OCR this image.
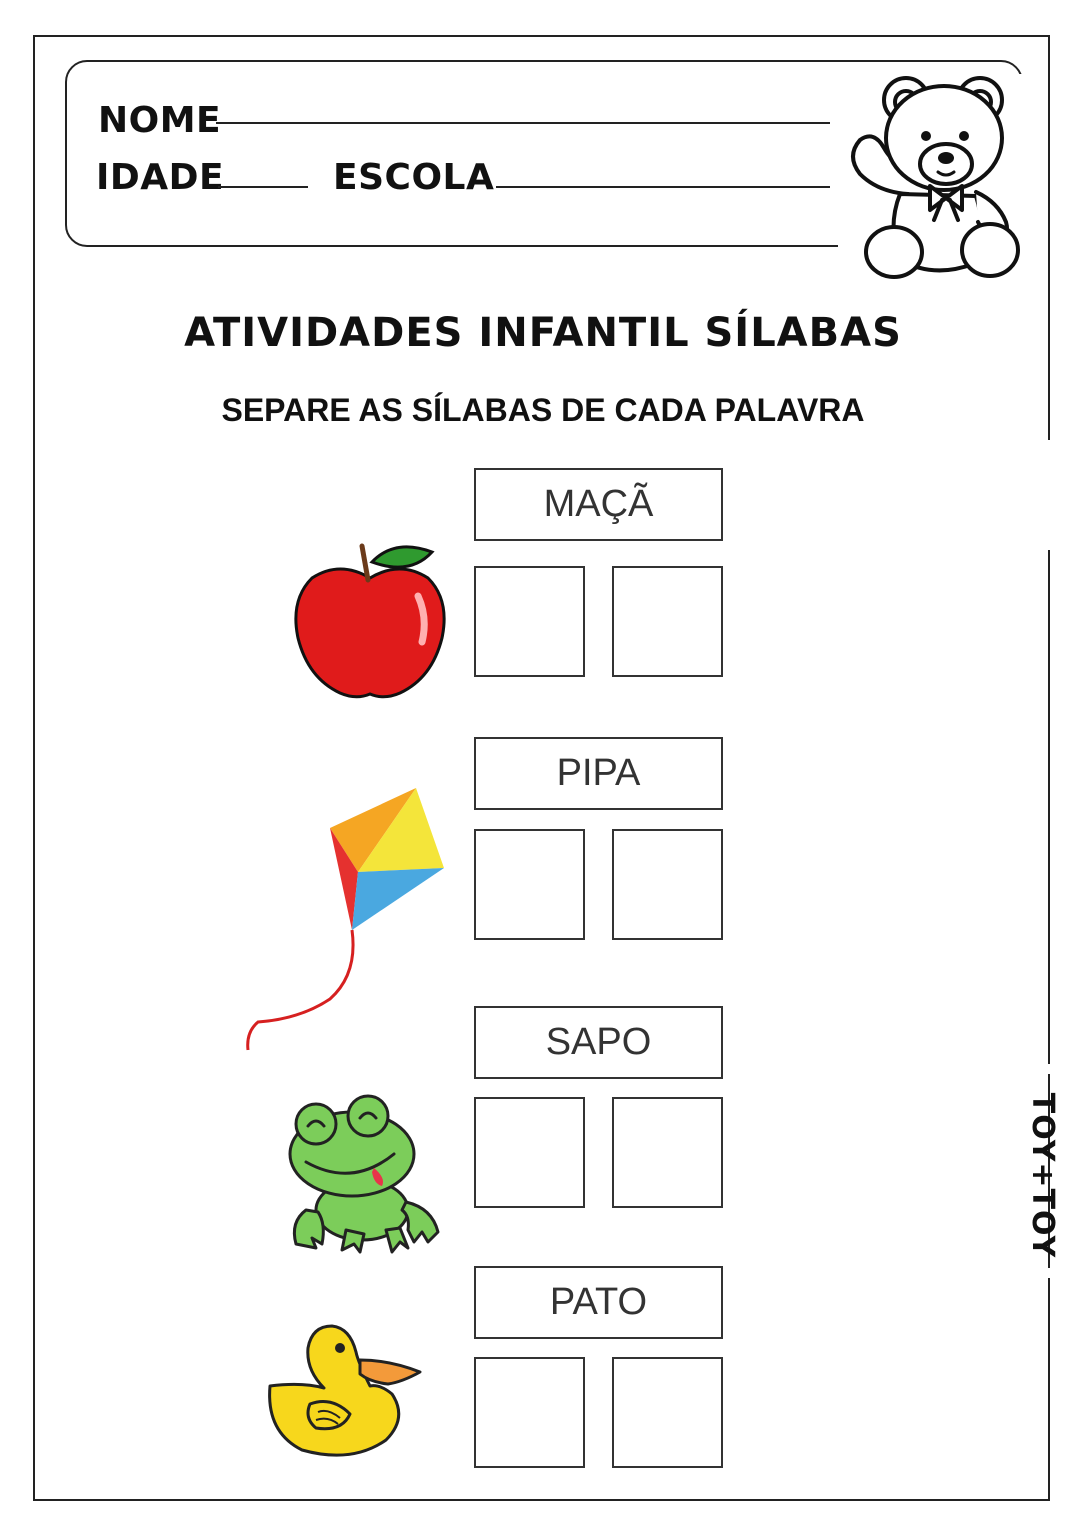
NOME
IDADE	ESCOLA
ATIVIDADES INFANTIL SÍLABAS
SEPARE AS SÍLABAS DE CADA PALAVRA
MAÇÃ
PIPA
SAPO
PATO
TOY+TOY
